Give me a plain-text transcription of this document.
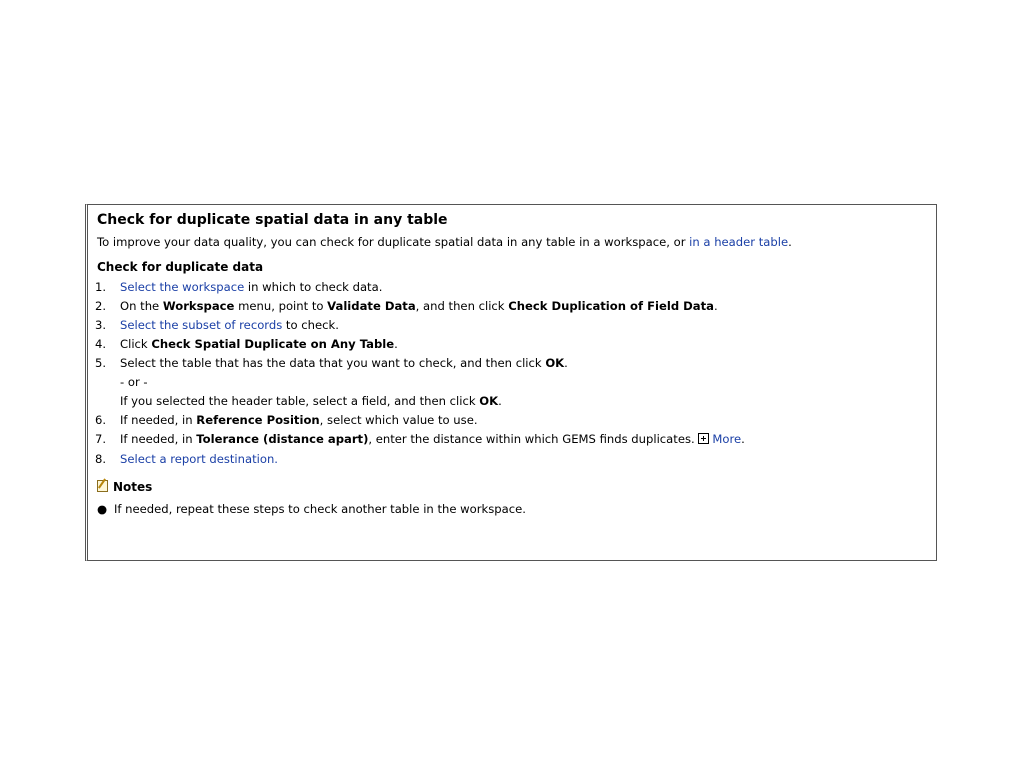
Check for duplicate spatial data in any table
To improve your data quality, you can check for duplicate spatial data in any table in a workspace, or in a header table.
Check for duplicate data
1. Select the workspace in which to check data.
2. On the Workspace menu, point to Validate Data, and then click Check Duplication of Field Data.
3. Select the subset of records to check.
4. Click Check Spatial Duplicate on Any Table.
5. Select the table that has the data that you want to check, and then click OK.
- or -
If you selected the header table, select a field, and then click OK.
6. If needed, in Reference Position, select which value to use.
7. If needed, in Tolerance (distance apart), enter the distance within which GEMS finds duplicates. More.
8. Select a report destination.
Notes
● If needed, repeat these steps to check another table in the workspace.
